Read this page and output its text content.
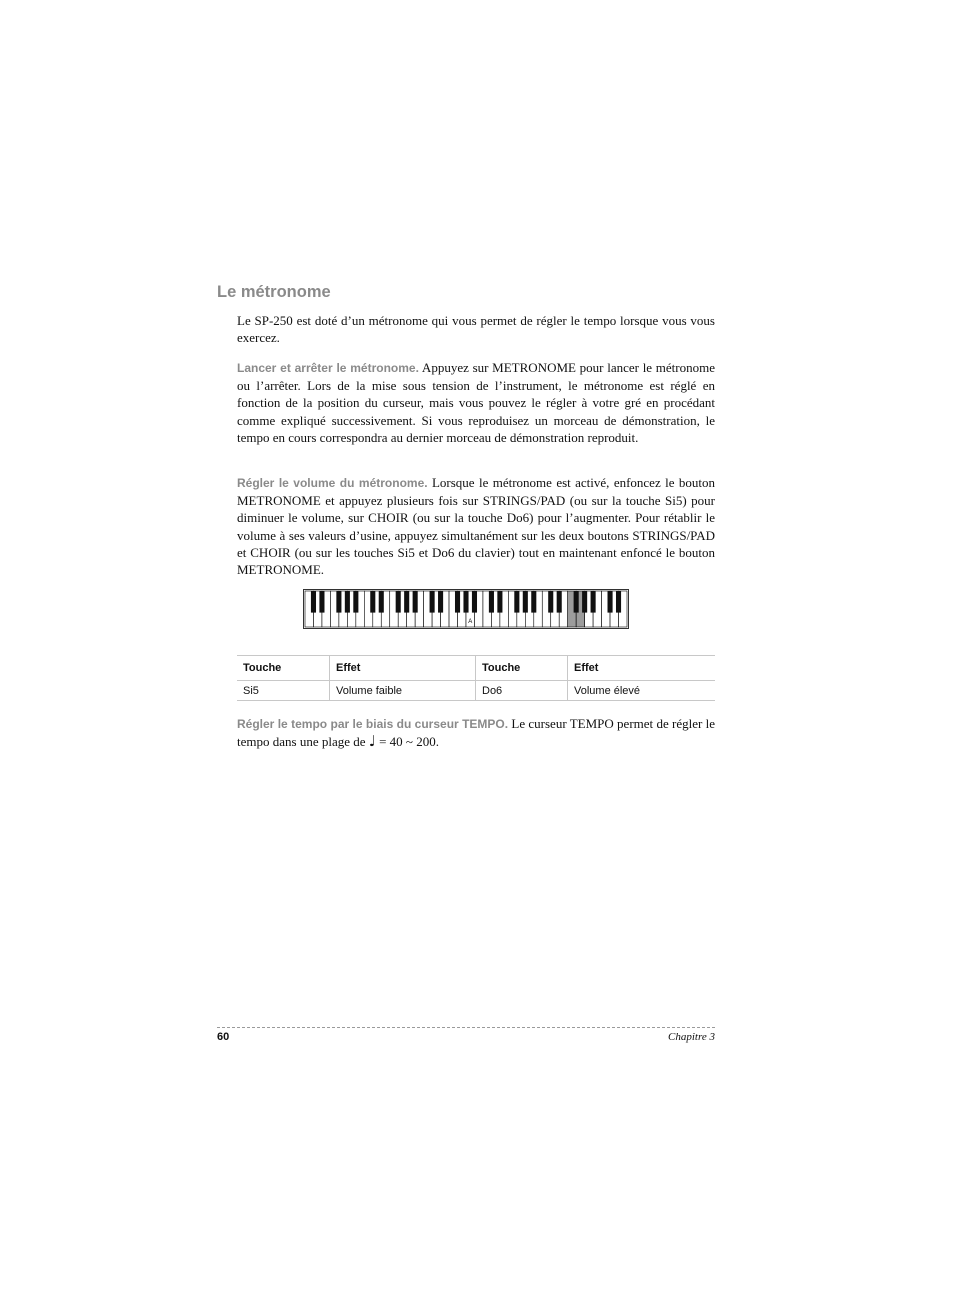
Le métronome

Le SP-250 est doté d’un métronome qui vous permet de régler le tempo lorsque vous vous exercez.

Lancer et arrêter le métronome. Appuyez sur METRONOME pour lancer le métronome ou l’arrêter. Lors de la mise sous tension de l’instrument, le métronome est réglé en fonction de la position du curseur, mais vous pouvez le régler à votre gré en procédant comme expliqué successivement. Si vous reproduisez un morceau de démonstration, le tempo en cours correspondra au dernier morceau de démonstration reproduit.

Régler le volume du métronome. Lorsque le métronome est activé, enfoncez le bouton METRONOME et appuyez plusieurs fois sur STRINGS/PAD (ou sur la touche Si5) pour diminuer le volume, sur CHOIR (ou sur la touche Do6) pour l’augmenter. Pour rétablir le volume à ses valeurs d’usine, appuyez simultanément sur les deux boutons STRINGS/PAD et CHOIR (ou sur les touches Si5 et Do6 du clavier) tout en maintenant enfoncé le bouton METRONOME.

A
Touche	Effet	Touche	Effet
Si5	Volume faible	Do6	Volume élevé

Régler le tempo par le biais du curseur TEMPO. Le curseur TEMPO permet de régler le tempo dans une plage de ♩ = 40 ~ 200.

60	Chapitre 3
